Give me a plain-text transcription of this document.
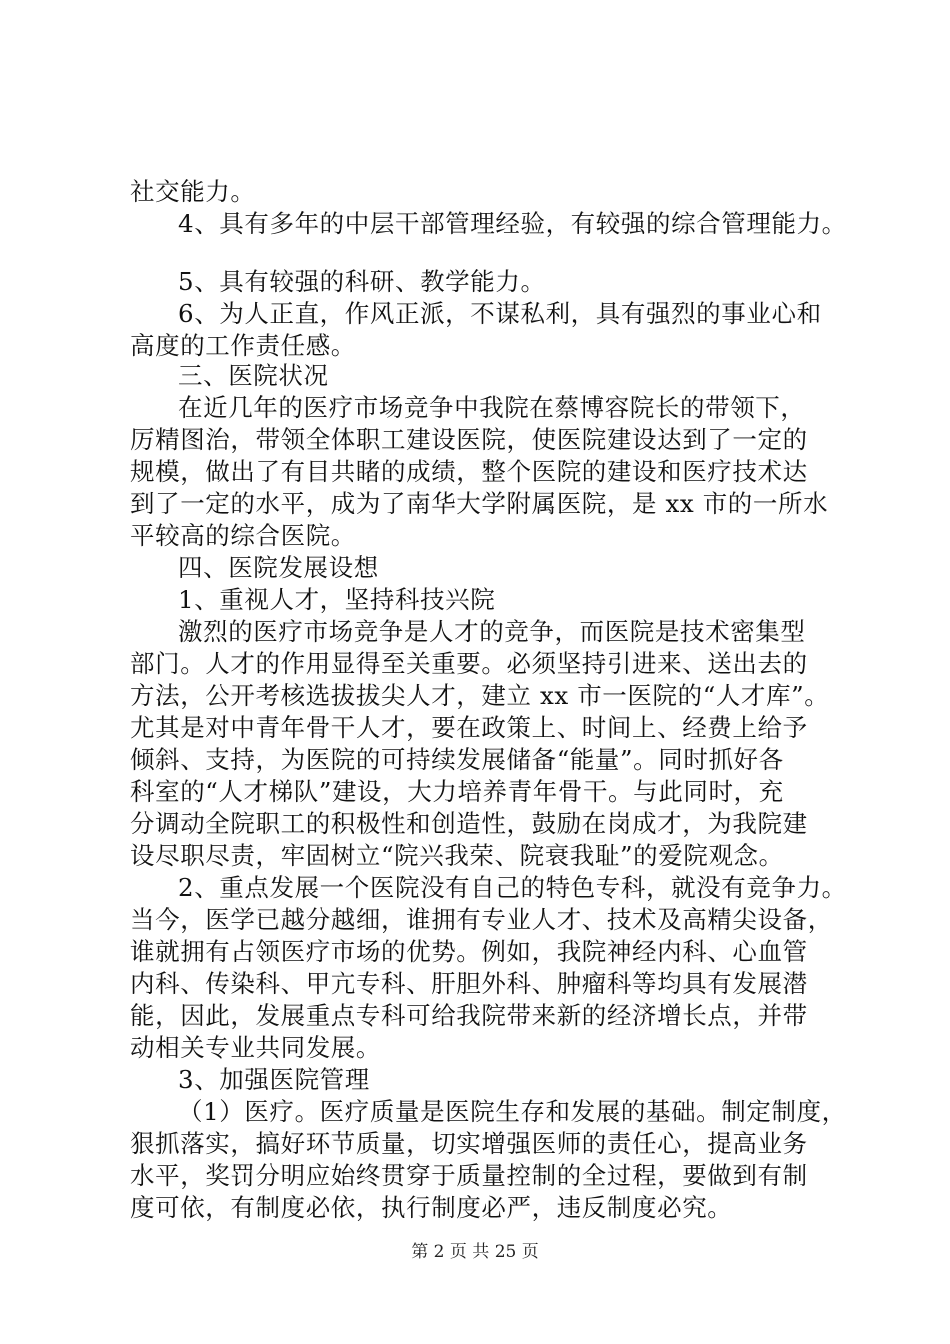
社交能力。
4、具有多年的中层干部管理经验，有较强的综合管理能力。
5、具有较强的科研、教学能力。
6、为人正直，作风正派，不谋私利，具有强烈的事业心和
高度的工作责任感。
三、医院状况
在近几年的医疗市场竞争中我院在蔡博容院长的带领下，
厉精图治，带领全体职工建设医院，使医院建设达到了一定的
规模，做出了有目共睹的成绩，整个医院的建设和医疗技术达
到了一定的水平，成为了南华大学附属医院，是 xx 市的一所水
平较高的综合医院。
四、医院发展设想
1、重视人才，坚持科技兴院
激烈的医疗市场竞争是人才的竞争，而医院是技术密集型
部门。人才的作用显得至关重要。必须坚持引进来、送出去的
方法，公开考核选拔拔尖人才，建立 xx 市一医院的“人才库”。
尤其是对中青年骨干人才，要在政策上、时间上、经费上给予
倾斜、支持，为医院的可持续发展储备“能量”。同时抓好各
科室的“人才梯队”建设，大力培养青年骨干。与此同时，充
分调动全院职工的积极性和创造性，鼓励在岗成才，为我院建
设尽职尽责，牢固树立“院兴我荣、院衰我耻”的爱院观念。
2、重点发展一个医院没有自己的特色专科，就没有竞争力。
当今，医学已越分越细，谁拥有专业人才、技术及高精尖设备，
谁就拥有占领医疗市场的优势。例如，我院神经内科、心血管
内科、传染科、甲亢专科、肝胆外科、肿瘤科等均具有发展潜
能，因此，发展重点专科可给我院带来新的经济增长点，并带
动相关专业共同发展。
3、加强医院管理
（1）医疗。医疗质量是医院生存和发展的基础。制定制度，
狠抓落实，搞好环节质量，切实增强医师的责任心，提高业务
水平，奖罚分明应始终贯穿于质量控制的全过程，要做到有制
度可依，有制度必依，执行制度必严，违反制度必究。
第 2 页 共 25 页
